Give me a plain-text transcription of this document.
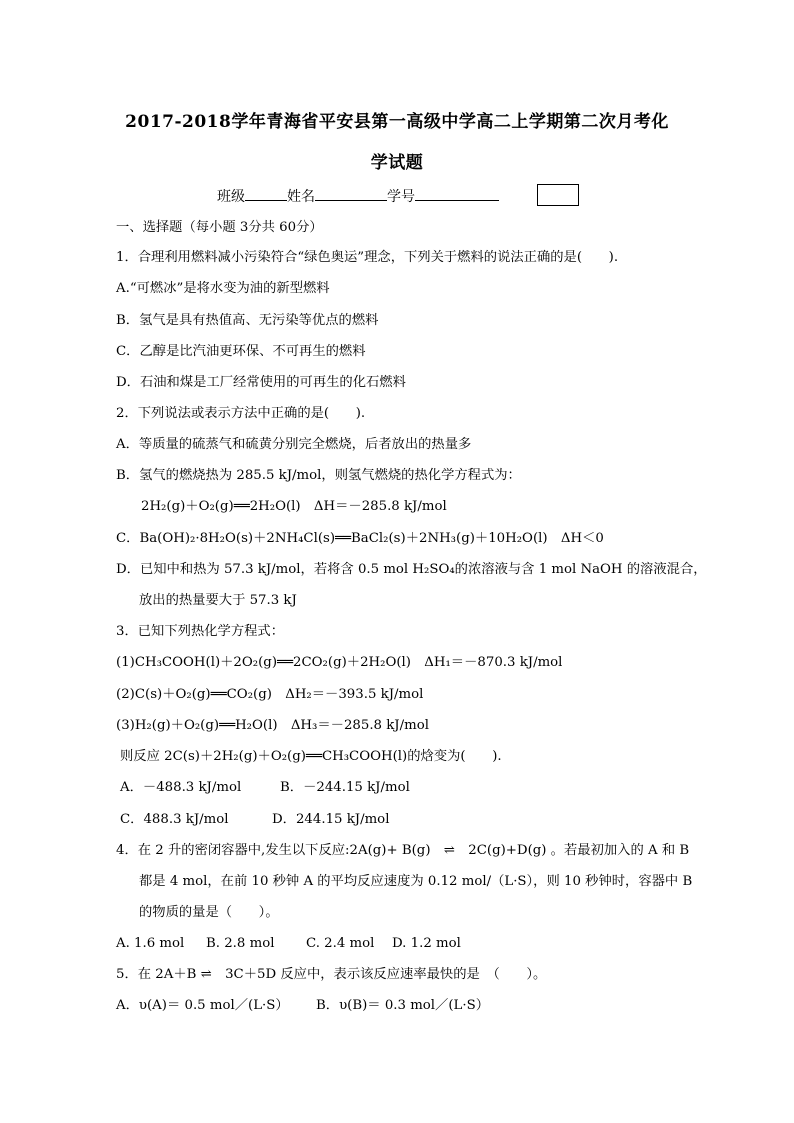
2017-2018学年青海省平安县第一高级中学高二上学期第二次月考化
学试题
班级	姓名	学号
一、选择题（每小题 3分共 60分）
1．合理利用燃料减小污染符合“绿色奥运”理念，下列关于燃料的说法正确的是(　　).
A.“可燃冰”是将水变为油的新型燃料
B．氢气是具有热值高、无污染等优点的燃料
C．乙醇是比汽油更环保、不可再生的燃料
D．石油和煤是工厂经常使用的可再生的化石燃料
2．下列说法或表示方法中正确的是(　　).
A．等质量的硫蒸气和硫黄分别完全燃烧，后者放出的热量多
B．氢气的燃烧热为 285.5 kJ/mol，则氢气燃烧的热化学方程式为：
2H₂(g)＋O₂(g)══2H₂O(l)　ΔH＝－285.8 kJ/mol
C．Ba(OH)₂·8H₂O(s)＋2NH₄Cl(s)══BaCl₂(s)＋2NH₃(g)＋10H₂O(l)　ΔH＜0
D．已知中和热为 57.3 kJ/mol，若将含 0.5 mol H₂SO₄的浓溶液与含 1 mol NaOH 的溶液混合，
放出的热量要大于 57.3 kJ
3．已知下列热化学方程式：
(1)CH₃COOH(l)＋2O₂(g)══2CO₂(g)＋2H₂O(l)　ΔH₁＝－870.3 kJ/mol
(2)C(s)＋O₂(g)══CO₂(g)　ΔH₂＝－393.5 kJ/mol
(3)H₂(g)＋O₂(g)══H₂O(l)　ΔH₃＝－285.8 kJ/mol
则反应 2C(s)＋2H₂(g)＋O₂(g)══CH₃COOH(l)的焓变为(　　).
A．－488.3 kJ/mol	B．－244.15 kJ/mol
C．488.3 kJ/mol	D．244.15 kJ/mol
4．在 2 升的密闭容器中,发生以下反应:2A(g)+ B(g)　⇌　2C(g)+D(g) 。若最初加入的 A 和 B
都是 4 mol，在前 10 秒钟 A 的平均反应速度为 0.12 mol/（L·S），则 10 秒钟时，容器中 B
的物质的量是（　　）。
A. 1.6 mol B. 2.8 mol C. 2.4 mol D. 1.2 mol
5．在 2A＋B ⇌　3C＋5D 反应中，表示该反应速率最快的是　（　　）。
A．υ(A)＝ 0.5 mol／(L·S） B．υ(B)＝ 0.3 mol／(L·S）
